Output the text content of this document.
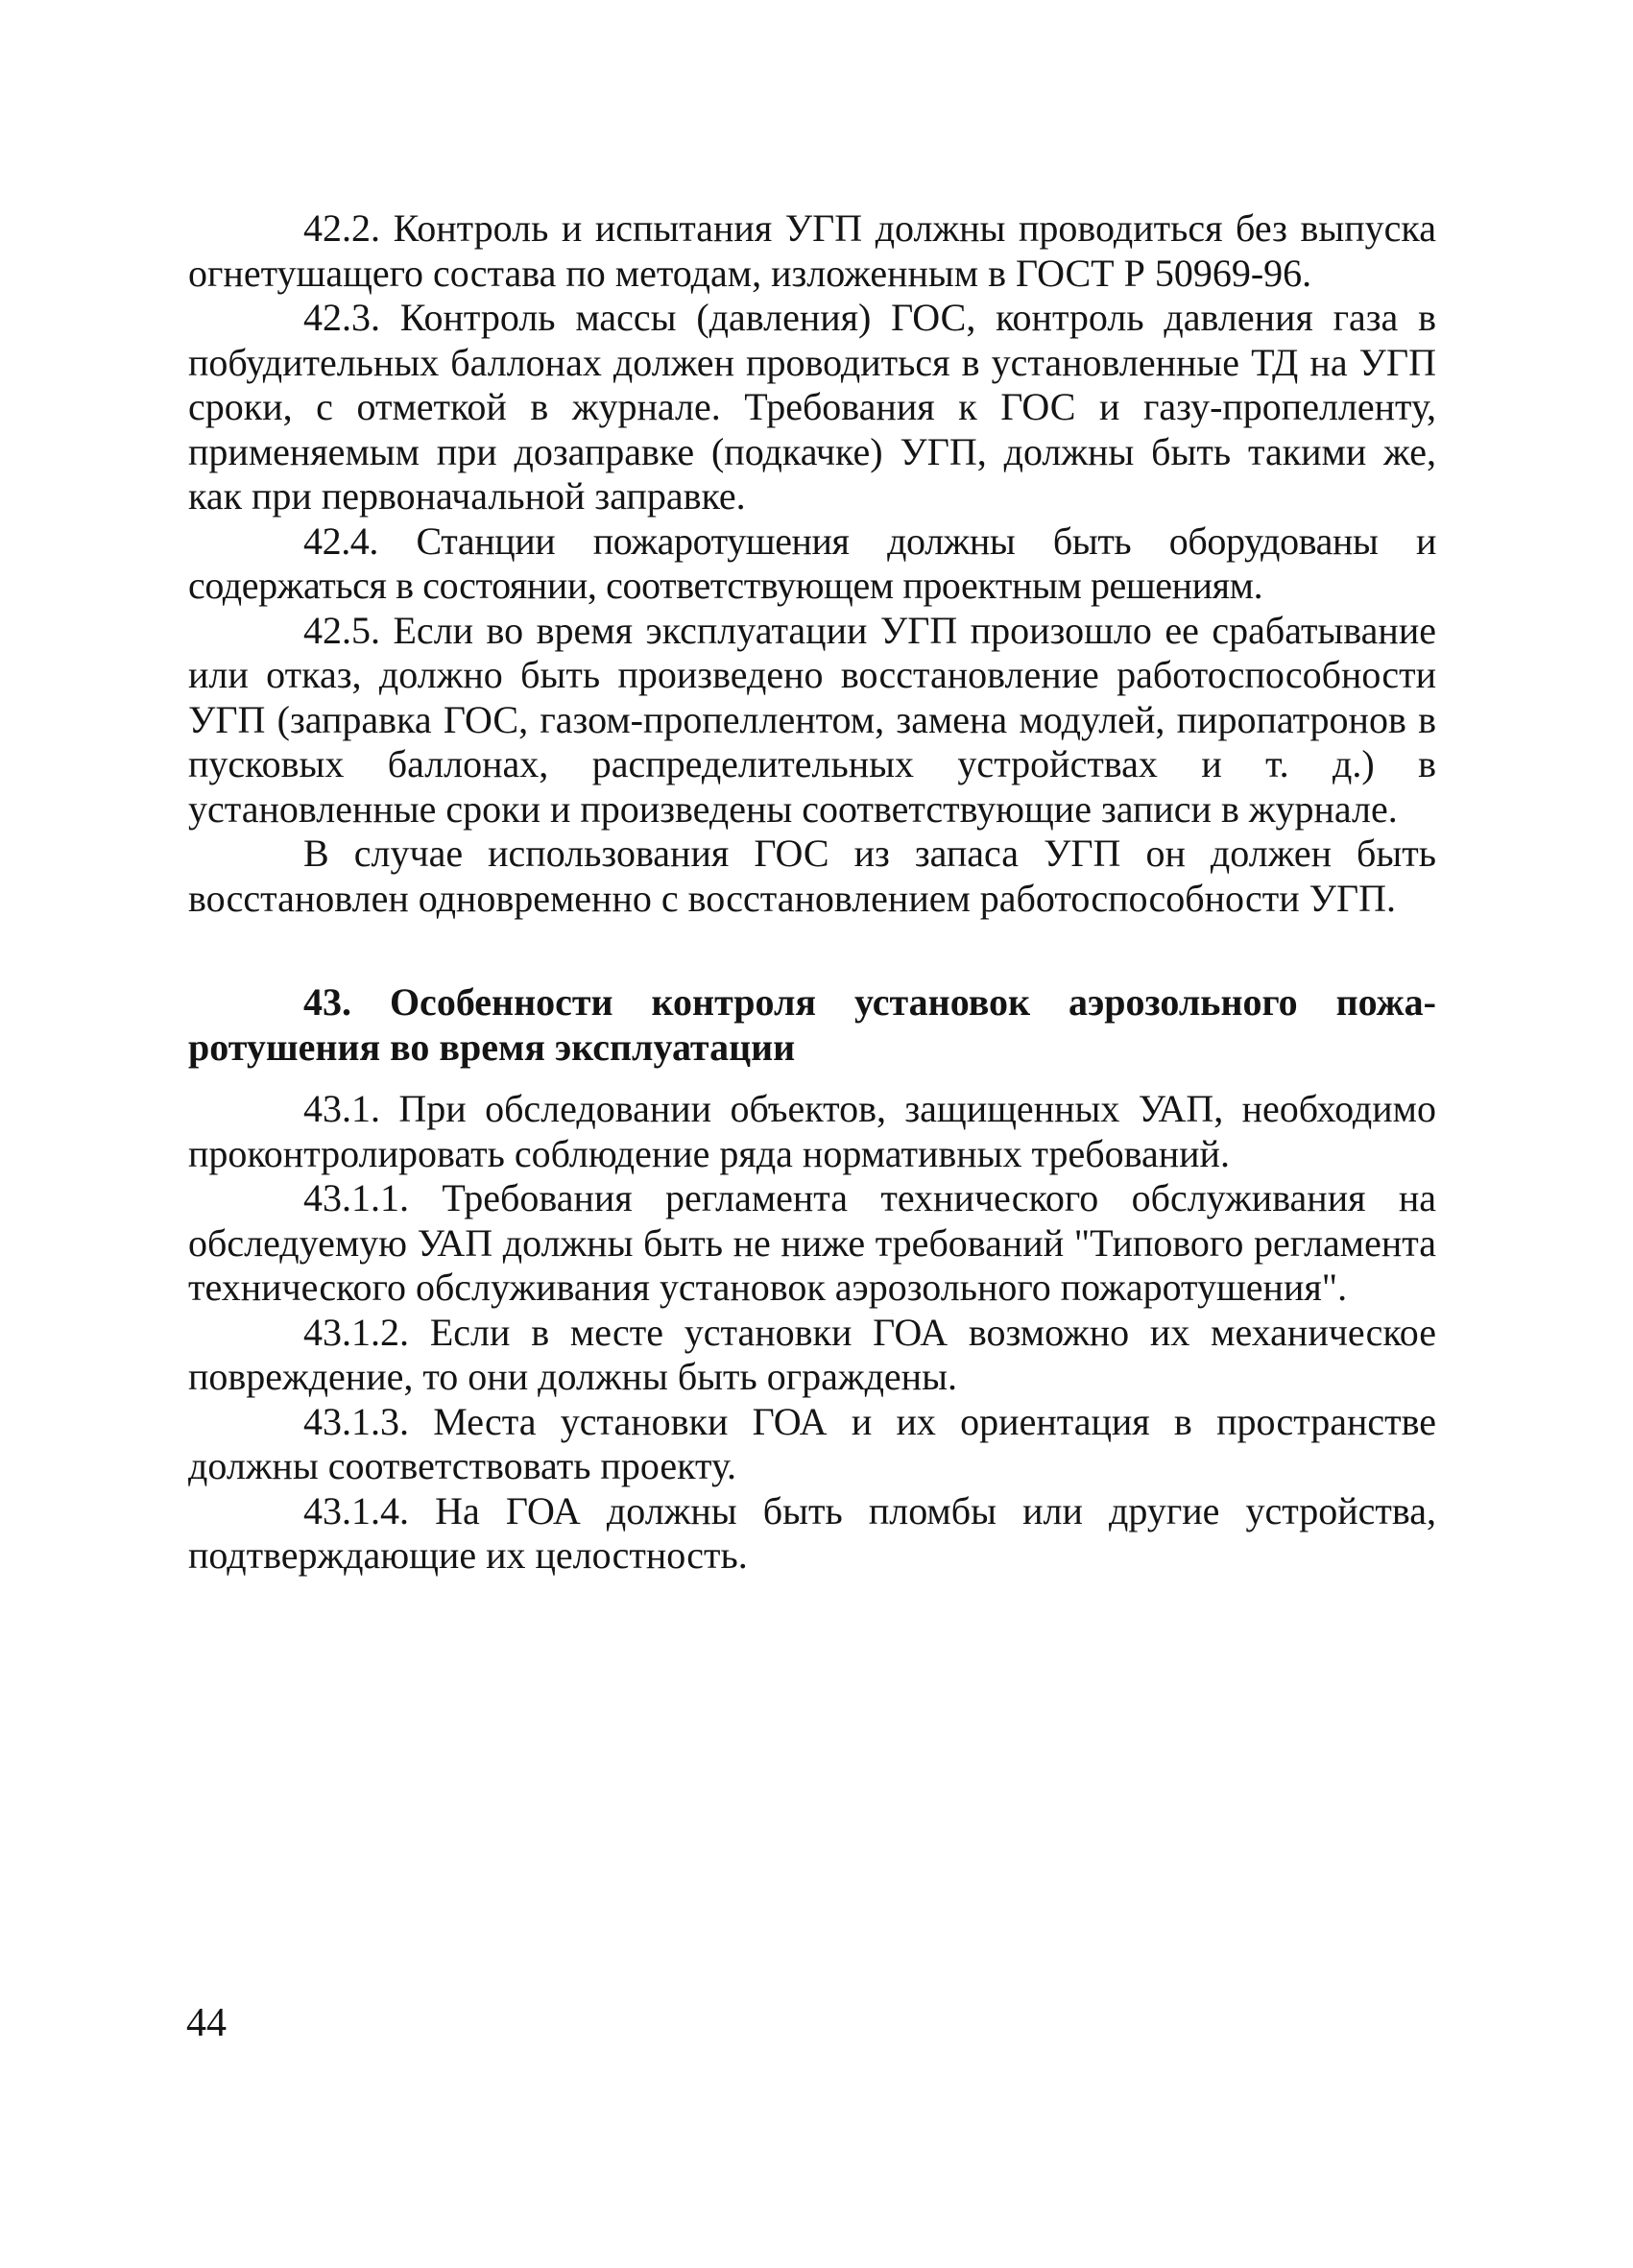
42.2. Контроль и испытания УГП должны проводиться без выпуска огнетушащего состава по методам, изложенным в ГОСТ Р 50969-96.

42.3. Контроль массы (давления) ГОС, контроль давления газа в побудительных баллонах должен проводиться в установленные ТД на УГП сроки, с отметкой в журнале. Требования к ГОС и газу-пропелленту, применяемым при дозаправке (подкачке) УГП, должны быть такими же, как при первоначальной заправке.

42.4. Станции пожаротушения должны быть оборудованы и содержаться в состоянии, соответствующем проектным решениям.

42.5. Если во время эксплуатации УГП произошло ее срабатывание или отказ, должно быть произведено восстановление работоспособности УГП (заправка ГОС, газом-пропеллентом, замена модулей, пиропатронов в пусковых баллонах, распределительных устройствах и т. д.) в установленные сроки и произведены соответствующие записи в журнале.

В случае использования ГОС из запаса УГП он должен быть восстановлен одновременно с восстановлением работоспособности УГП.

43. Особенности контроля установок аэрозольного пожаротушения во время эксплуатации

43.1. При обследовании объектов, защищенных УАП, необходимо проконтролировать соблюдение ряда нормативных требований.

43.1.1. Требования регламента технического обслуживания на обследуемую УАП должны быть не ниже требований "Типового регламента технического обслуживания установок аэрозольного пожаротушения".

43.1.2. Если в месте установки ГОА возможно их механическое повреждение, то они должны быть ограждены.

43.1.3. Места установки ГОА и их ориентация в пространстве должны соответствовать проекту.

43.1.4. На ГОА должны быть пломбы или другие устройства, подтверждающие их целостность.

44
